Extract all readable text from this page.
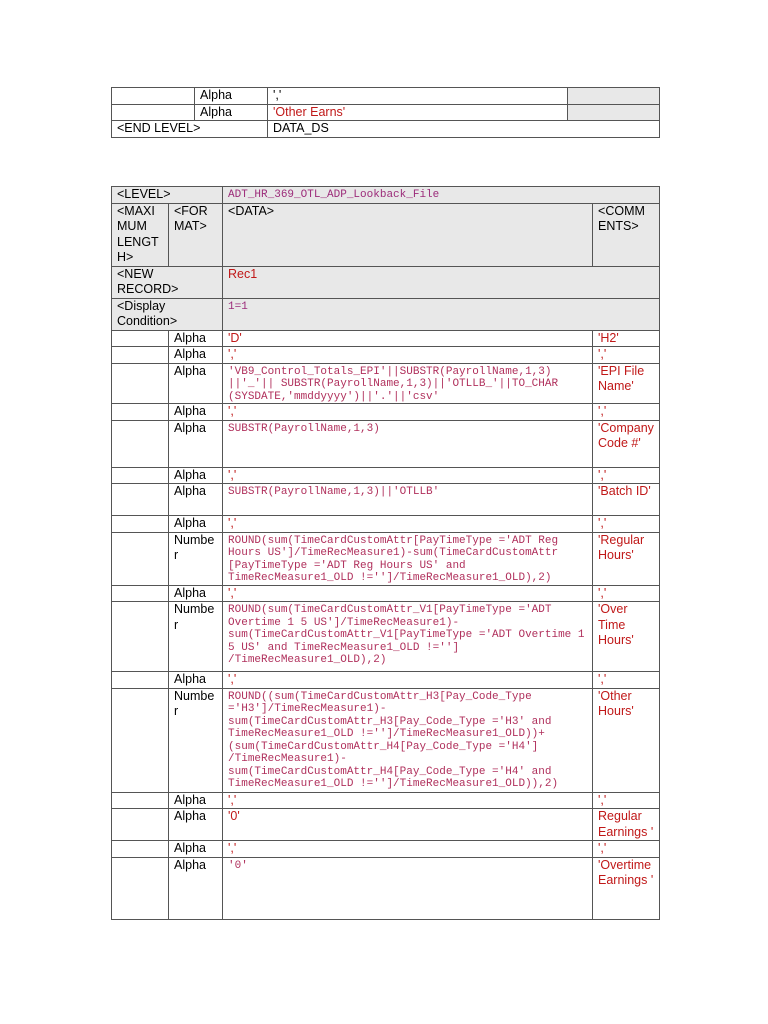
	Alpha	','	
	Alpha	'Other Earns'	
<END LEVEL>		DATA_DS	
<LEVEL>		ADT_HR_369_OTL_ADP_Lookback_File	
<MAXI MUM LENGT H>	<FOR MAT>	<DATA>	<COMM ENTS>
<NEW RECORD>		Rec1	
<Display Condition>		1=1	
	Alpha	'D'	'H2'
	Alpha	','	','
	Alpha	'VB9_Control_Totals_EPI'||SUBSTR(PayrollName,1,3) ||'_'|| SUBSTR(PayrollName,1,3)||'OTLLB_'||TO_CHAR (SYSDATE,'mmddyyyy')||'.'||'csv'	'EPI File Name'
	Alpha	','	','
	Alpha	SUBSTR(PayrollName,1,3)	'Company Code #'
	Alpha	','	','
	Alpha	SUBSTR(PayrollName,1,3)||'OTLLB'	'Batch ID'
	Alpha	','	','
	Number	ROUND(sum(TimeCardCustomAttr[PayTimeType ='ADT Reg Hours US']/TimeRecMeasure1)-sum(TimeCardCustomAttr [PayTimeType ='ADT Reg Hours US' and TimeRecMeasure1_OLD !='']/TimeRecMeasure1_OLD),2)	'Regular Hours'
	Alpha	','	','
	Number	ROUND(sum(TimeCardCustomAttr_V1[PayTimeType ='ADT Overtime 1 5 US']/TimeRecMeasure1)- sum(TimeCardCustomAttr_V1[PayTimeType ='ADT Overtime 1 5 US' and TimeRecMeasure1_OLD !=''] /TimeRecMeasure1_OLD),2)	'Over Time Hours'
	Alpha	','	','
	Number	ROUND((sum(TimeCardCustomAttr_H3[Pay_Code_Type ='H3']/TimeRecMeasure1)- sum(TimeCardCustomAttr_H3[Pay_Code_Type ='H3' and TimeRecMeasure1_OLD !='']/TimeRecMeasure1_OLD))+ (sum(TimeCardCustomAttr_H4[Pay_Code_Type ='H4'] /TimeRecMeasure1)- sum(TimeCardCustomAttr_H4[Pay_Code_Type ='H4' and TimeRecMeasure1_OLD !='']/TimeRecMeasure1_OLD)),2)	'Other Hours'
	Alpha	','	','
	Alpha	'0'	Regular Earnings '
	Alpha	','	','
	Alpha	'0'	'Overtime Earnings '
